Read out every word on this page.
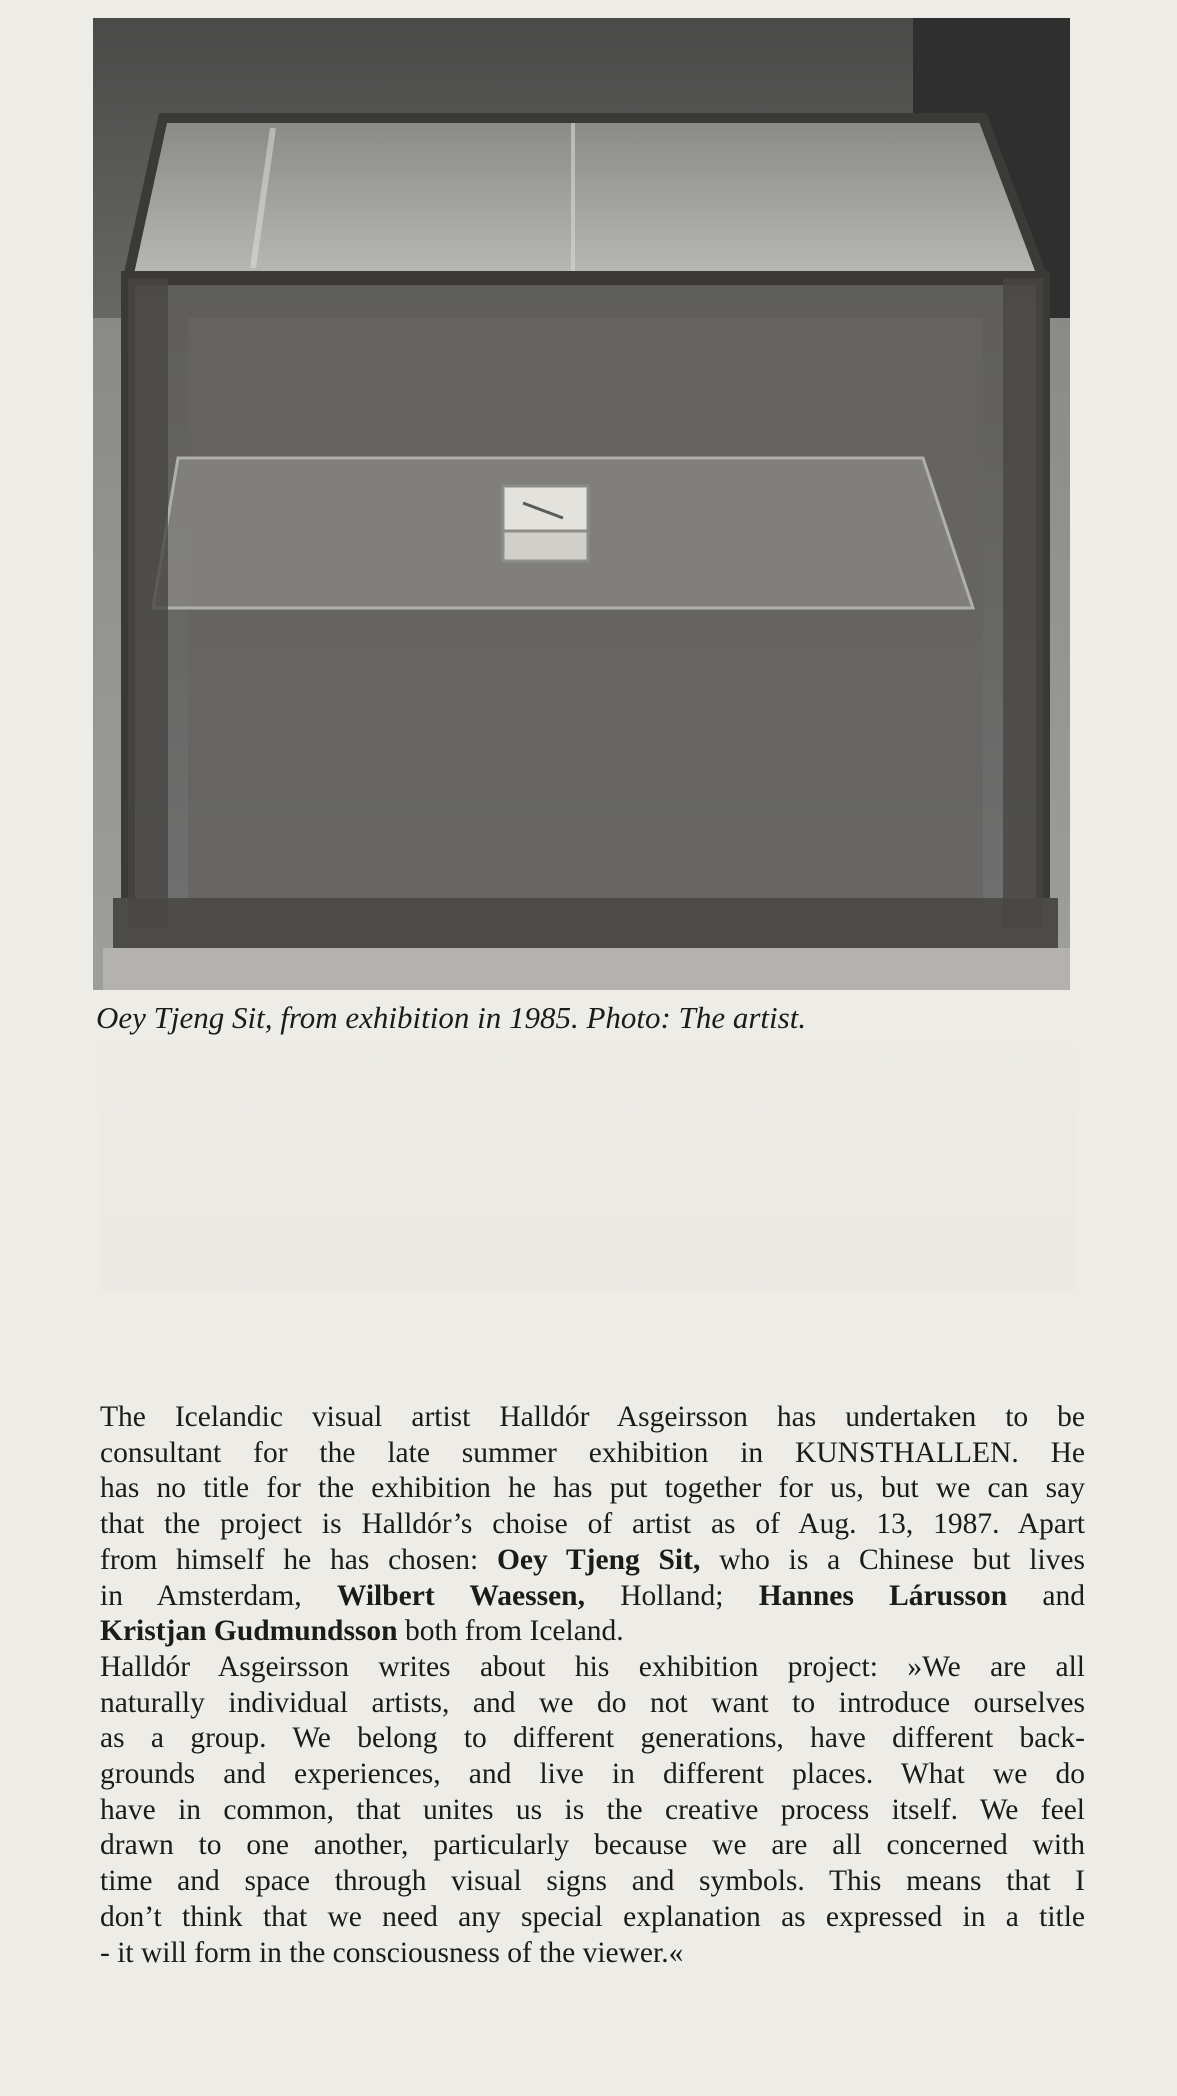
Oey Tjeng Sit, from exhibition in 1985. Photo: The artist.
The Icelandic visual artist Halldór Asgeirsson has undertaken to be
consultant for the late summer exhibition in KUNSTHALLEN. He
has no title for the exhibition he has put together for us, but we can say
that the project is Halldór’s choise of artist as of Aug. 13, 1987. Apart
from himself he has chosen: Oey Tjeng Sit, who is a Chinese but lives
in Amsterdam, Wilbert Waessen, Holland; Hannes Lárusson and
Kristjan Gudmundsson both from Iceland.
Halldór Asgeirsson writes about his exhibition project: »We are all
naturally individual artists, and we do not want to introduce ourselves
as a group. We belong to different generations, have different back-
grounds and experiences, and live in different places. What we do
have in common, that unites us is the creative process itself. We feel
drawn to one another, particularly because we are all concerned with
time and space through visual signs and symbols. This means that I
don’t think that we need any special explanation as expressed in a title
- it will form in the consciousness of the viewer.«
